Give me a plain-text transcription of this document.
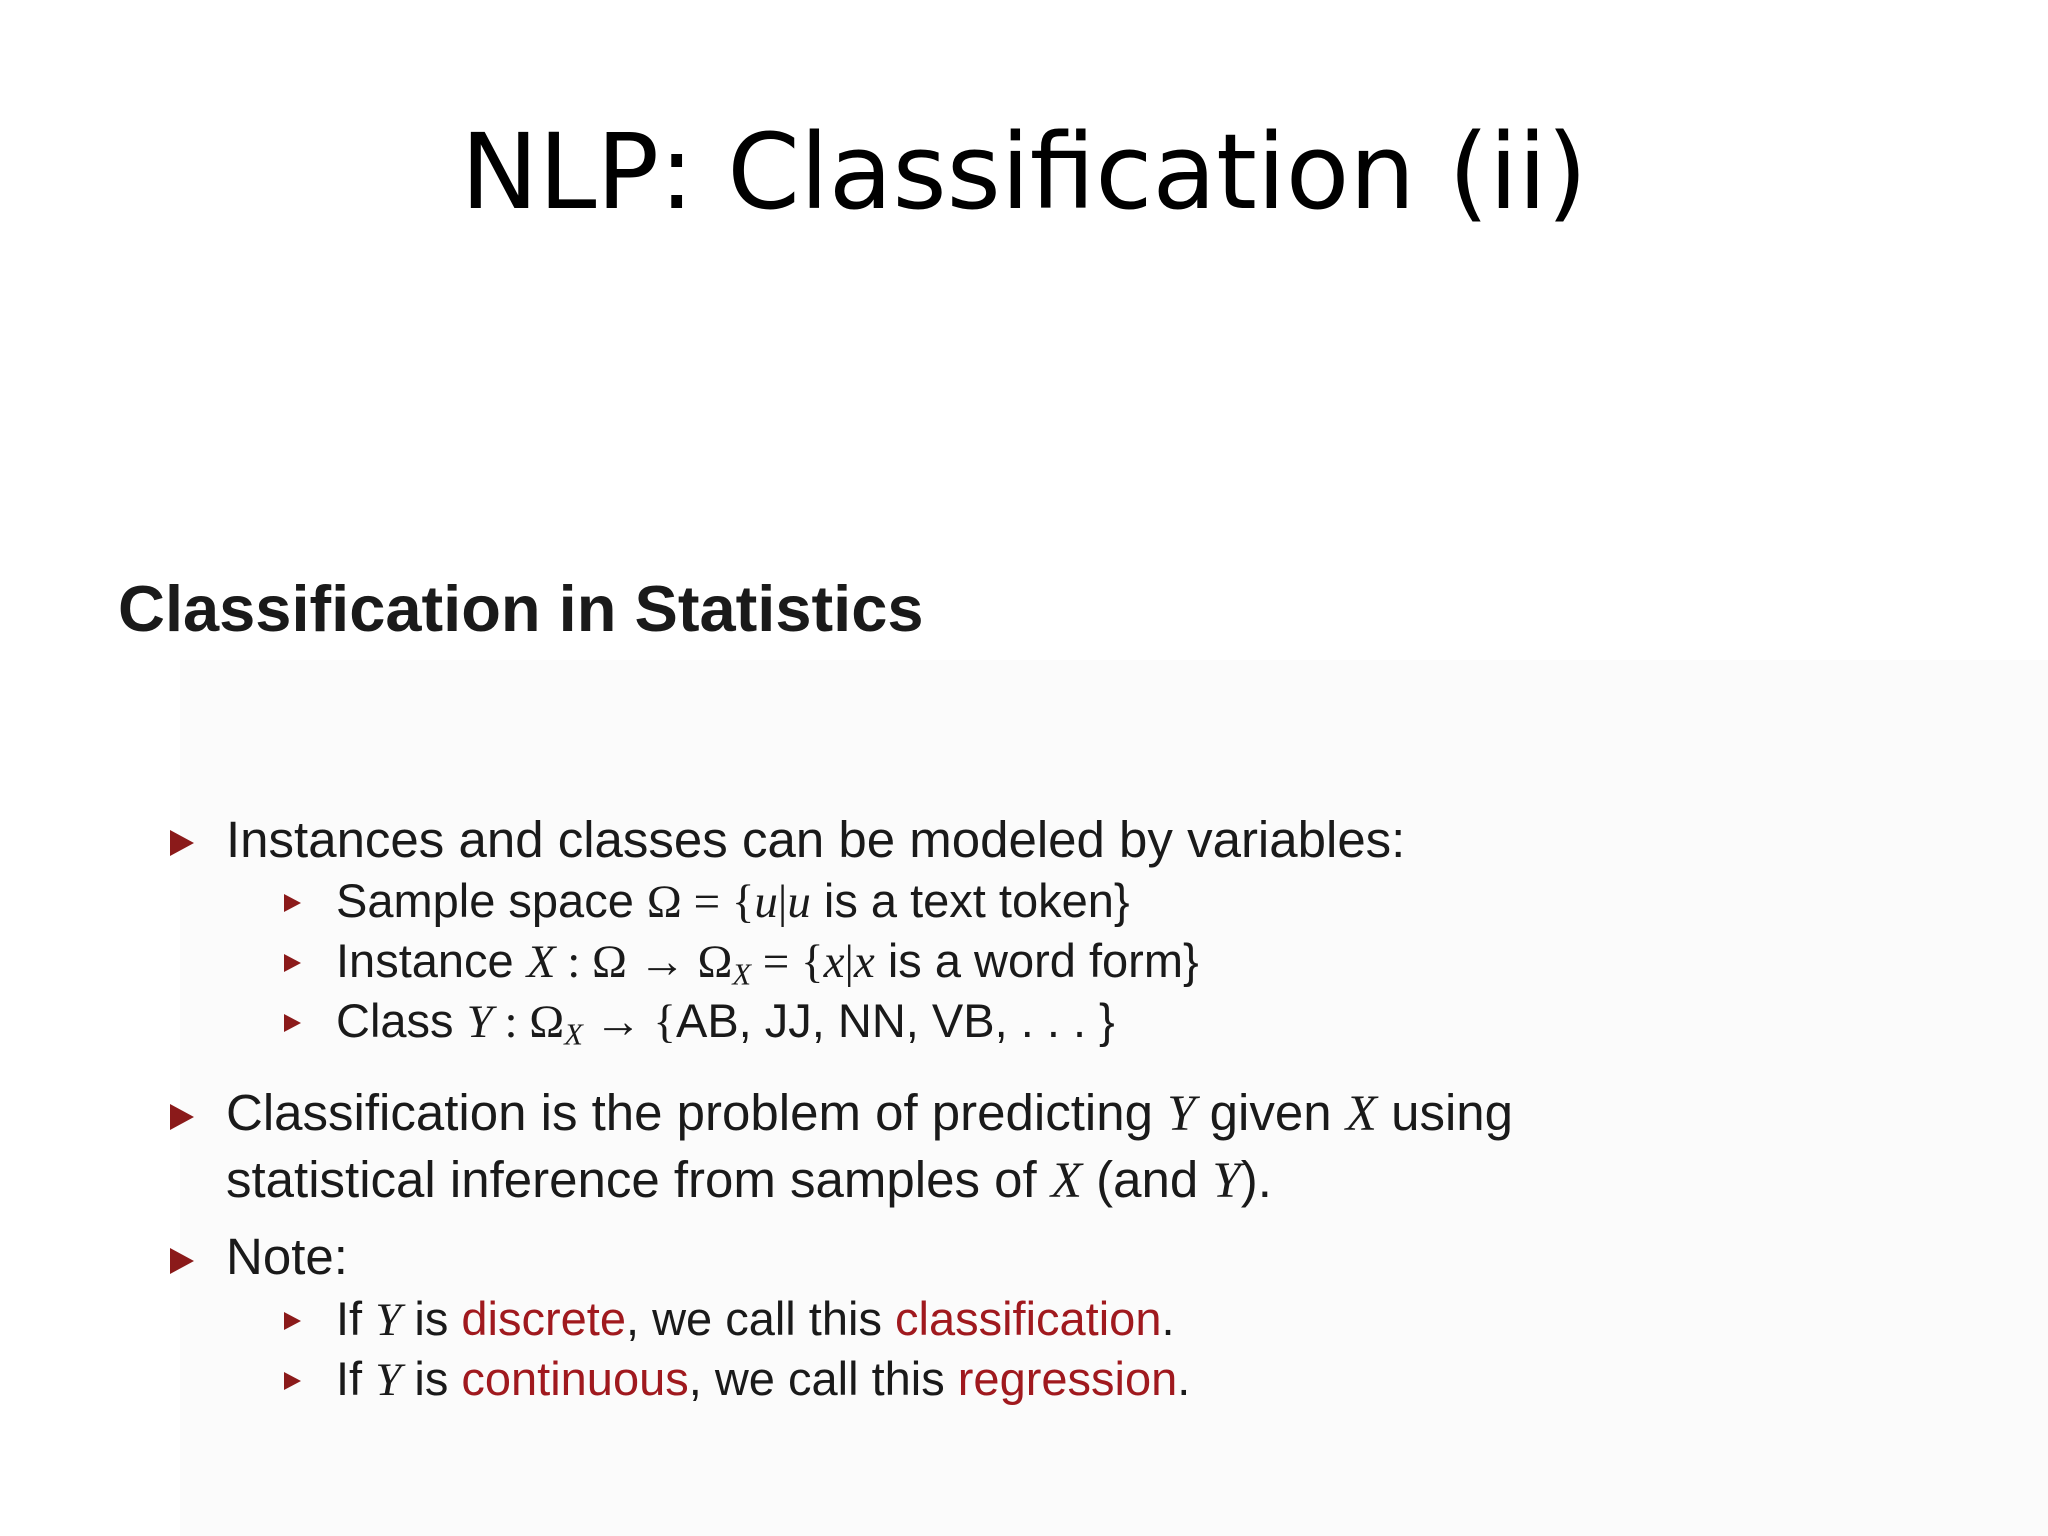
NLP: Classification (ii)
Classification in Statistics
Instances and classes can be modeled by variables:
Sample space Ω = {u|u is a text token}
Instance X : $\Omega \to \Omega_X = \{x|x$ is a word form}
Class Y : $\Omega_X \to \{AB$, JJ, NN, VB, . . . }
Classification is the problem of predicting Y given X using
statistical inference from samples of X (and Y).
Note:
If Y is discrete, we call this classification.
If Y is continuous, we call this regression.
